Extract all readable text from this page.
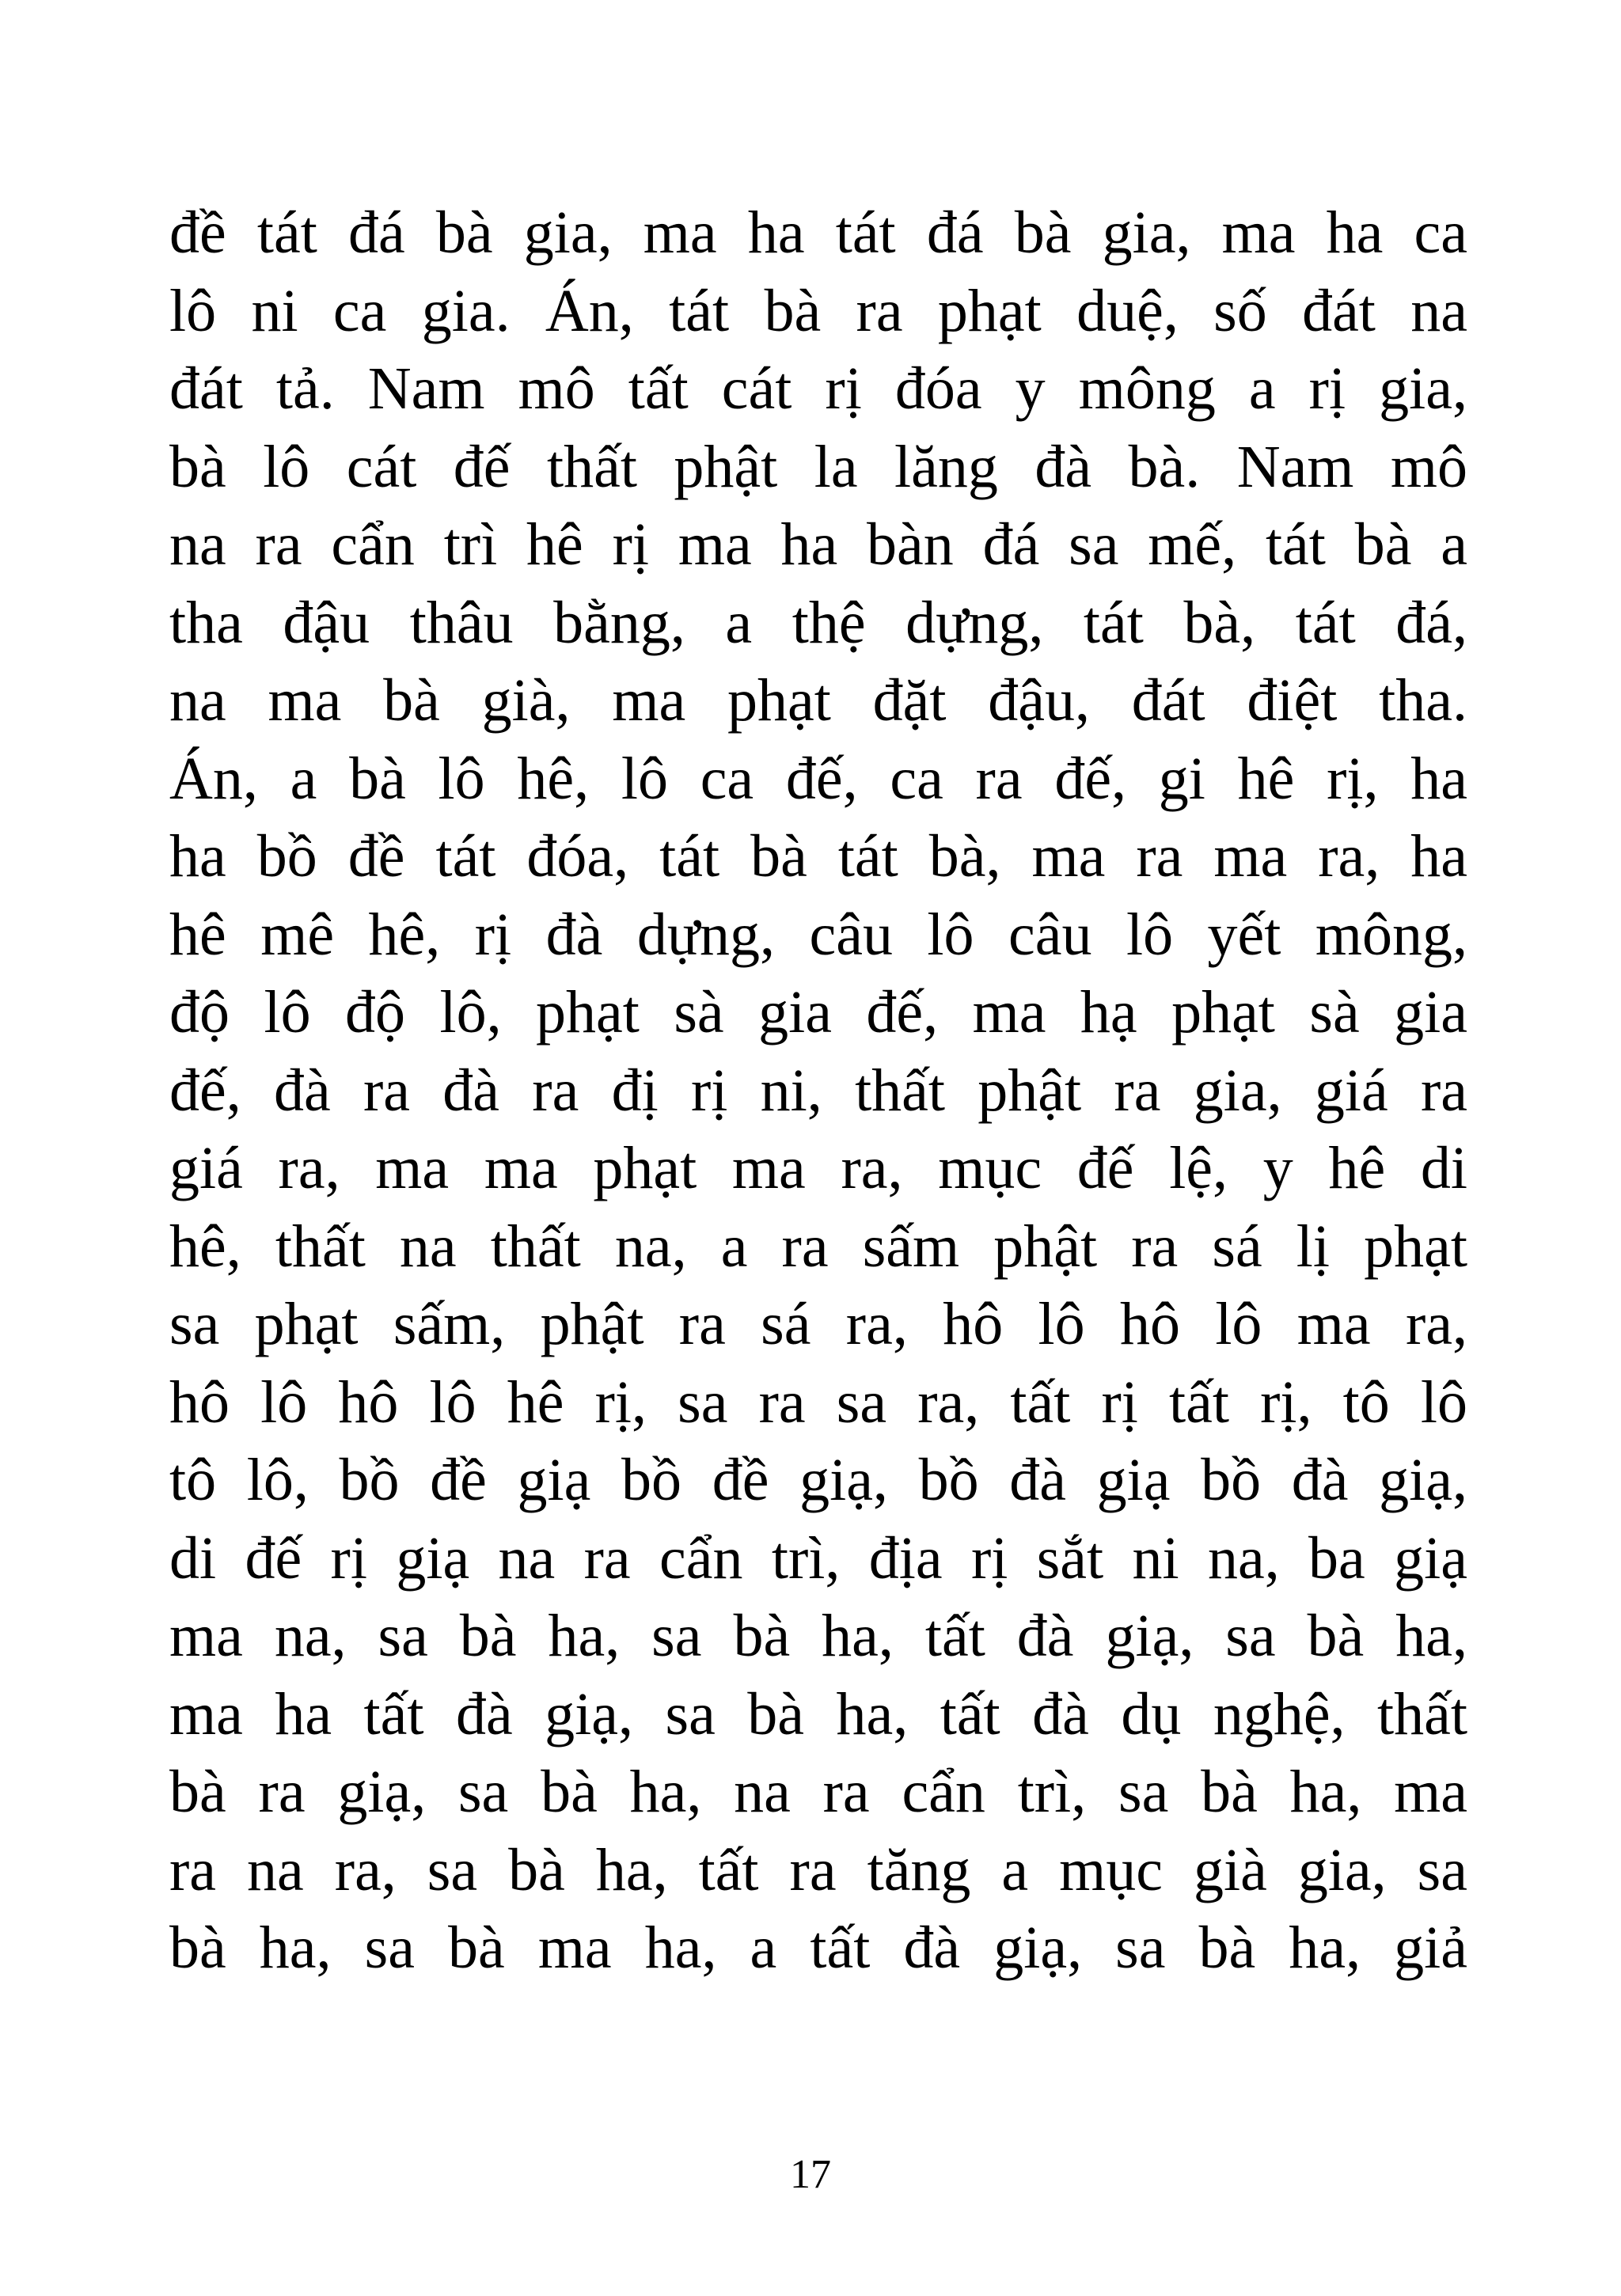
đề tát đá bà gia, ma ha tát đá bà gia, ma ha ca
lô ni ca gia. Án, tát bà ra phạt duệ, số đát na
đát tả. Nam mô tất cát rị đóa y mông a rị gia,
bà lô cát đế thất phật la lăng đà bà. Nam mô
na ra cẩn trì hê rị ma ha bàn đá sa mế, tát bà a
tha đậu thâu bằng, a thệ dựng, tát bà, tát đá,
na ma bà già, ma phạt đặt đậu, đát điệt tha.
Án, a bà lô hê, lô ca đế, ca ra đế, gi hê rị, ha
ha bồ đề tát đóa, tát bà tát bà, ma ra ma ra, ha
hê mê hê, rị đà dựng, câu lô câu lô yết mông,
độ lô độ lô, phạt sà gia đế, ma hạ phạt sà gia
đế, đà ra đà ra đị rị ni, thất phật ra gia, giá ra
giá ra, ma ma phạt ma ra, mục đế lệ, y hê di
hê, thất na thất na, a ra sấm phật ra sá lị phạt
sa phạt sấm, phật ra sá ra, hô lô hô lô ma ra,
hô lô hô lô hê rị, sa ra sa ra, tất rị tất rị, tô lô
tô lô, bồ đề giạ bồ đề giạ, bồ đà giạ bồ đà giạ,
di đế rị giạ na ra cẩn trì, địa rị sắt ni na, ba giạ
ma na, sa bà ha, sa bà ha, tất đà giạ, sa bà ha,
ma ha tất đà giạ, sa bà ha, tất đà dụ nghệ, thất
bà ra giạ, sa bà ha, na ra cẩn trì, sa bà ha, ma
ra na ra, sa bà ha, tất ra tăng a mục già gia, sa
bà ha, sa bà ma ha, a tất đà giạ, sa bà ha, giả
17
